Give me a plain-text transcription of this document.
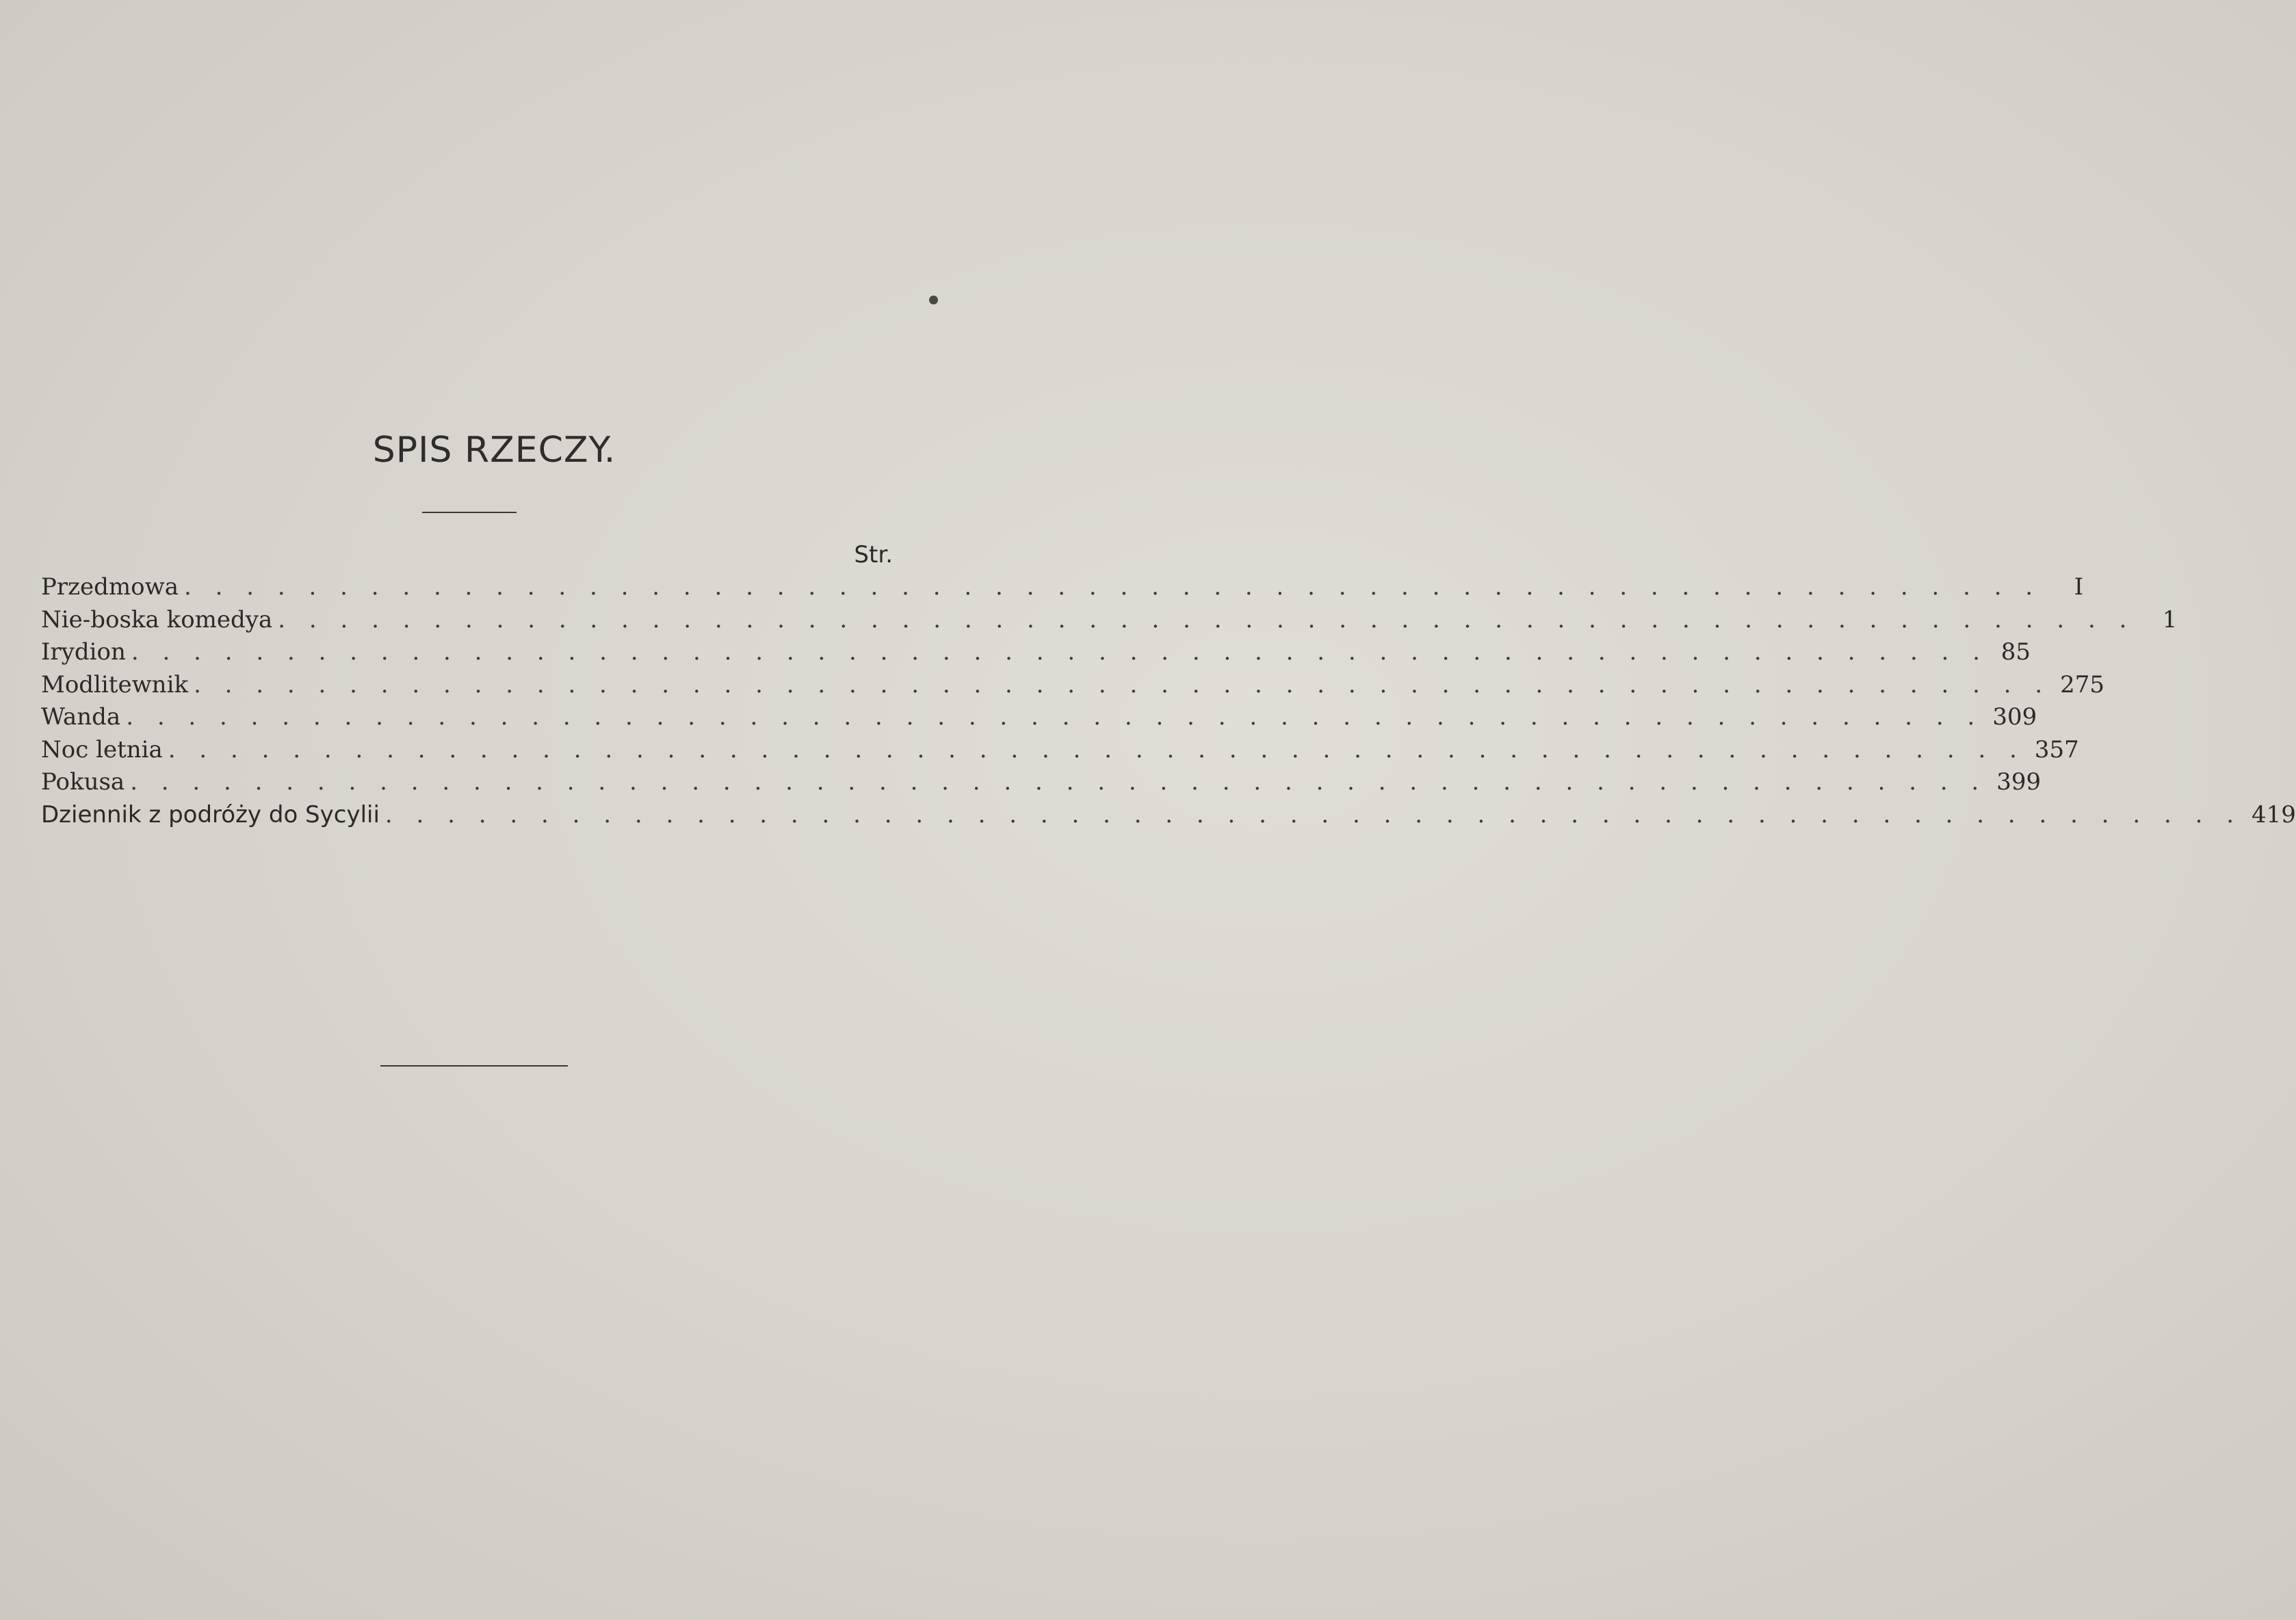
SPIS RZECZY.
Str.
Przedmowa . . . . . . . . . . . . . . . . . . . . . . . . . . . . . . . . . . . . . . . . . . . . . . . . . . . . . . . . . . . .	I
Nie-boska komedya . . . . . . . . . . . . . . . . . . . . . . . . . . . . . . . . . . . . . . . . . . . . . . . . . . . . . . . . . . . .	1
Irydion . . . . . . . . . . . . . . . . . . . . . . . . . . . . . . . . . . . . . . . . . . . . . . . . . . . . . . . . . . . . 85
Modlitewnik . . . . . . . . . . . . . . . . . . . . . . . . . . . . . . . . . . . . . . . . . . . . . . . . . . . . . . . . . . . . 275
Wanda . . . . . . . . . . . . . . . . . . . . . . . . . . . . . . . . . . . . . . . . . . . . . . . . . . . . . . . . . . . . 309
Noc letnia . . . . . . . . . . . . . . . . . . . . . . . . . . . . . . . . . . . . . . . . . . . . . . . . . . . . . . . . . . . . 357
Pokusa . . . . . . . . . . . . . . . . . . . . . . . . . . . . . . . . . . . . . . . . . . . . . . . . . . . . . . . . . . . . 399
Dziennik z podróży do Sycylii . . . . . . . . . . . . . . . . . . . . . . . . . . . . . . . . . . . . . . . . . . . . . . . . . . . . . . . . . . . . 419
